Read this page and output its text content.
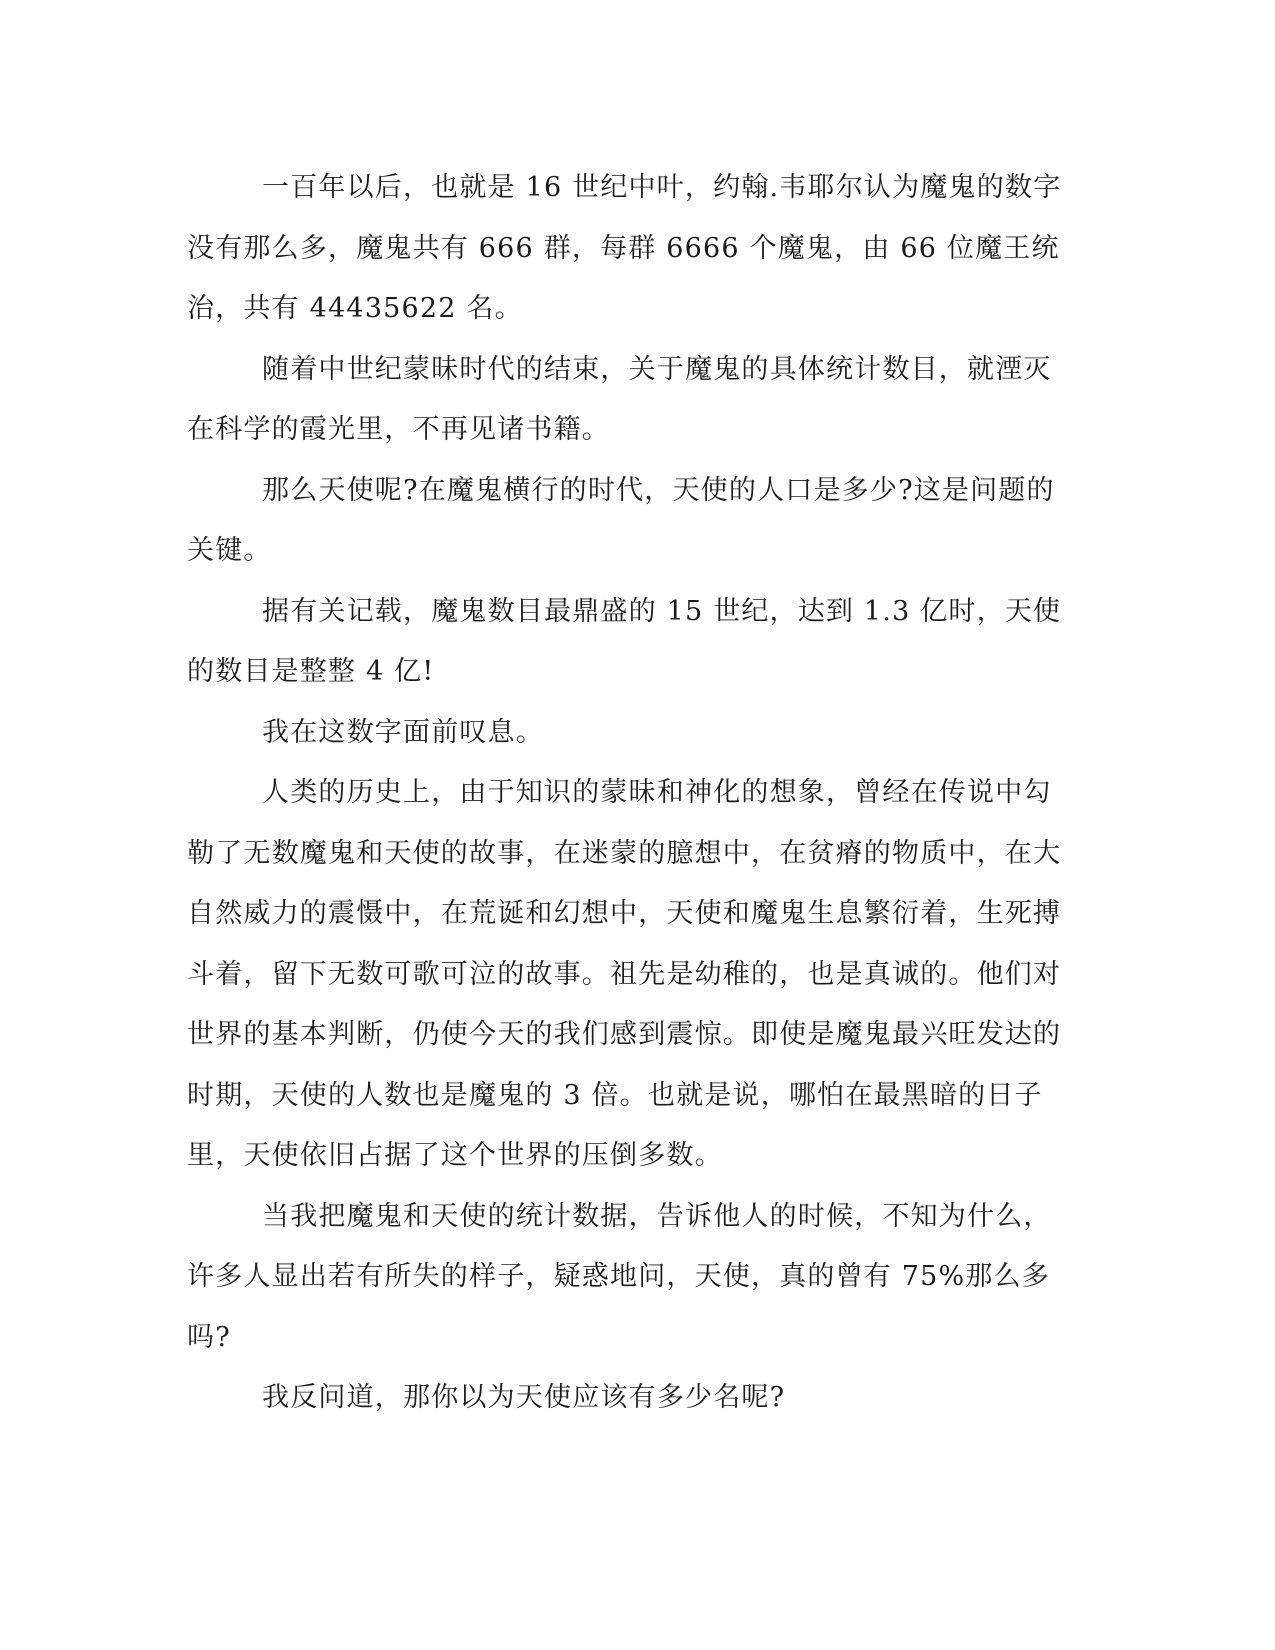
一百年以后，也就是 16 世纪中叶，约翰.韦耶尔认为魔鬼的数字没有那么多，魔鬼共有 666 群，每群 6666 个魔鬼，由 66 位魔王统治，共有 44435622 名。

随着中世纪蒙昧时代的结束，关于魔鬼的具体统计数目，就湮灭在科学的霞光里，不再见诸书籍。

那么天使呢?在魔鬼横行的时代，天使的人口是多少?这是问题的关键。

据有关记载，魔鬼数目最鼎盛的 15 世纪，达到 1.3 亿时，天使的数目是整整 4 亿!

我在这数字面前叹息。

人类的历史上，由于知识的蒙昧和神化的想象，曾经在传说中勾勒了无数魔鬼和天使的故事，在迷蒙的臆想中，在贫瘠的物质中，在大自然威力的震慑中，在荒诞和幻想中，天使和魔鬼生息繁衍着，生死搏斗着，留下无数可歌可泣的故事。祖先是幼稚的，也是真诚的。他们对世界的基本判断，仍使今天的我们感到震惊。即使是魔鬼最兴旺发达的时期，天使的人数也是魔鬼的 3 倍。也就是说，哪怕在最黑暗的日子里，天使依旧占据了这个世界的压倒多数。

当我把魔鬼和天使的统计数据，告诉他人的时候，不知为什么，许多人显出若有所失的样子，疑惑地问，天使，真的曾有 75%那么多吗?

我反问道，那你以为天使应该有多少名呢?
